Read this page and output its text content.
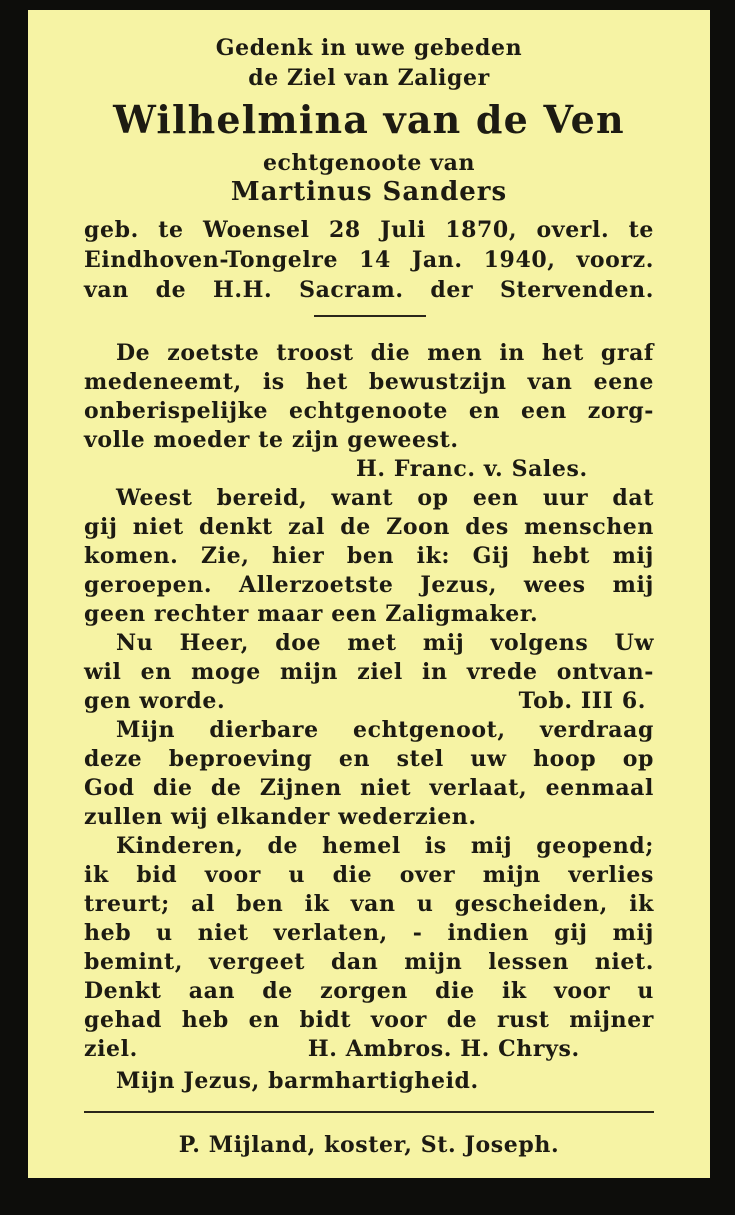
Gedenk in uwe gebeden
de Ziel van Zaliger
Wilhelmina van de Ven
echtgenoote van
Martinus Sanders
geb. te Woensel 28 Juli 1870, overl. te
Eindhoven-Tongelre 14 Jan. 1940, voorz.
van de H.H. Sacram. der Stervenden.
De zoetste troost die men in het graf
medeneemt, is het bewustzijn van eene
onberispelijke echtgenoote en een zorg-
volle moeder te zijn geweest.
H. Franc. v. Sales.
Weest bereid, want op een uur dat
gij niet denkt zal de Zoon des menschen
komen. Zie, hier ben ik: Gij hebt mij
geroepen. Allerzoetste Jezus, wees mij
geen rechter maar een Zaligmaker.
Nu Heer, doe met mij volgens Uw
wil en moge mijn ziel in vrede ontvan-
gen worde.	Tob. III 6.
Mijn dierbare echtgenoot, verdraag
deze beproeving en stel uw hoop op
God die de Zijnen niet verlaat, eenmaal
zullen wij elkander wederzien.
Kinderen, de hemel is mij geopend;
ik bid voor u die over mijn verlies
treurt; al ben ik van u gescheiden, ik
heb u niet verlaten, - indien gij mij
bemint, vergeet dan mijn lessen niet.
Denkt aan de zorgen die ik voor u
gehad heb en bidt voor de rust mijner
ziel.	H. Ambros. H. Chrys.
Mijn Jezus, barmhartigheid.
P. Mijland, koster, St. Joseph.
